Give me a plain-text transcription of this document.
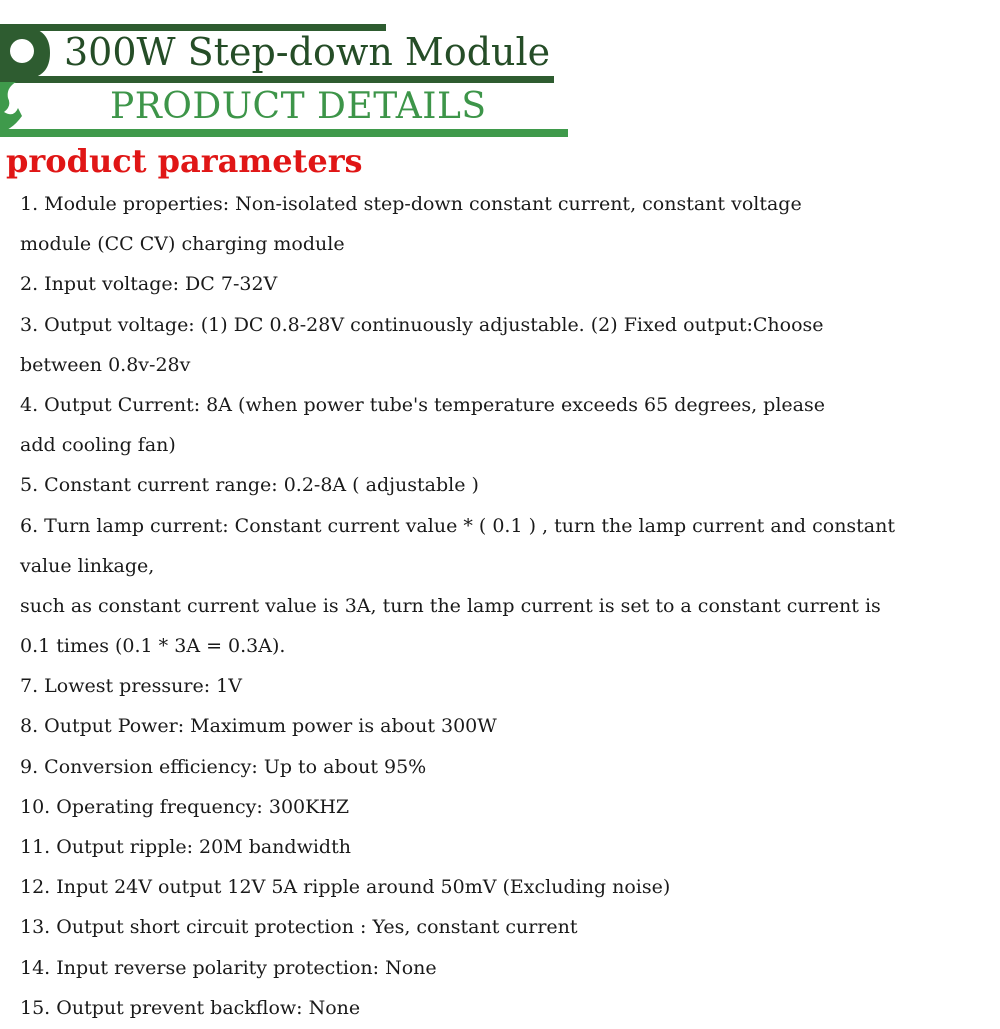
300W Step-down Module
PRODUCT DETAILS
product parameters
1. Module properties: Non-isolated step-down constant current, constant voltage
module (CC CV) charging module
2. Input voltage: DC 7-32V
3. Output voltage: (1) DC 0.8-28V continuously adjustable. (2) Fixed output:Choose
between 0.8v-28v
4. Output Current: 8A (when power tube's temperature exceeds 65 degrees, please
add cooling fan)
5. Constant current range: 0.2-8A ( adjustable )
6. Turn lamp current: Constant current value * ( 0.1 ) , turn the lamp current and constant
value linkage,
such as constant current value is 3A, turn the lamp current is set to a constant current is
0.1 times (0.1 * 3A = 0.3A).
7. Lowest pressure: 1V
8. Output Power: Maximum power is about 300W
9. Conversion efficiency: Up to about 95%
10. Operating frequency: 300KHZ
11. Output ripple: 20M bandwidth
12. Input 24V output 12V 5A ripple around 50mV (Excluding noise)
13. Output short circuit protection : Yes, constant current
14. Input reverse polarity protection: None
15. Output prevent backflow: None
